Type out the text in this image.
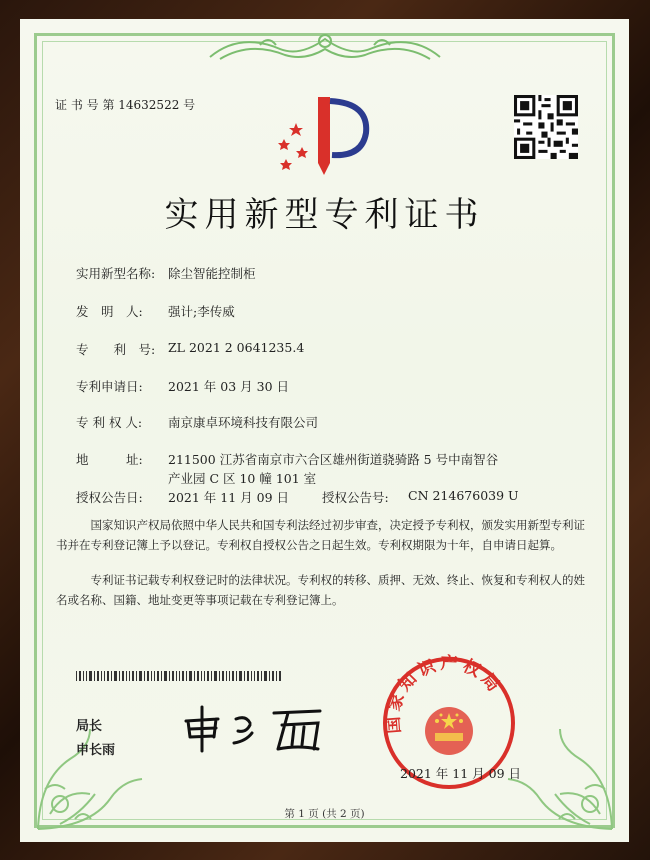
证 书 号 第 14632522 号
实用新型专利证书
实用新型名称: 除尘智能控制柜
发　明　人: 强计;李传威
专　　利　号: ZL 2021 2 0641235.4
专利申请日: 2021 年 03 月 30 日
专 利 权 人: 南京康卓环境科技有限公司
地　　　址: 211500 江苏省南京市六合区雄州街道骁骑路 5 号中南智谷
产业园 C 区 10 幢 101 室
授权公告日: 2021 年 11 月 09 日	授权公告号: CN 214676039 U
国家知识产权局依照中华人民共和国专利法经过初步审查，决定授予专利权，颁发实用新型专利证书并在专利登记簿上予以登记。专利权自授权公告之日起生效。专利权期限为十年，自申请日起算。
专利证书记载专利权登记时的法律状况。专利权的转移、质押、无效、终止、恢复和专利权人的姓名或名称、国籍、地址变更等事项记载在专利登记簿上。
局长
申长雨
国家知识产权局
2021 年 11 月 09 日
第 1 页 (共 2 页)
